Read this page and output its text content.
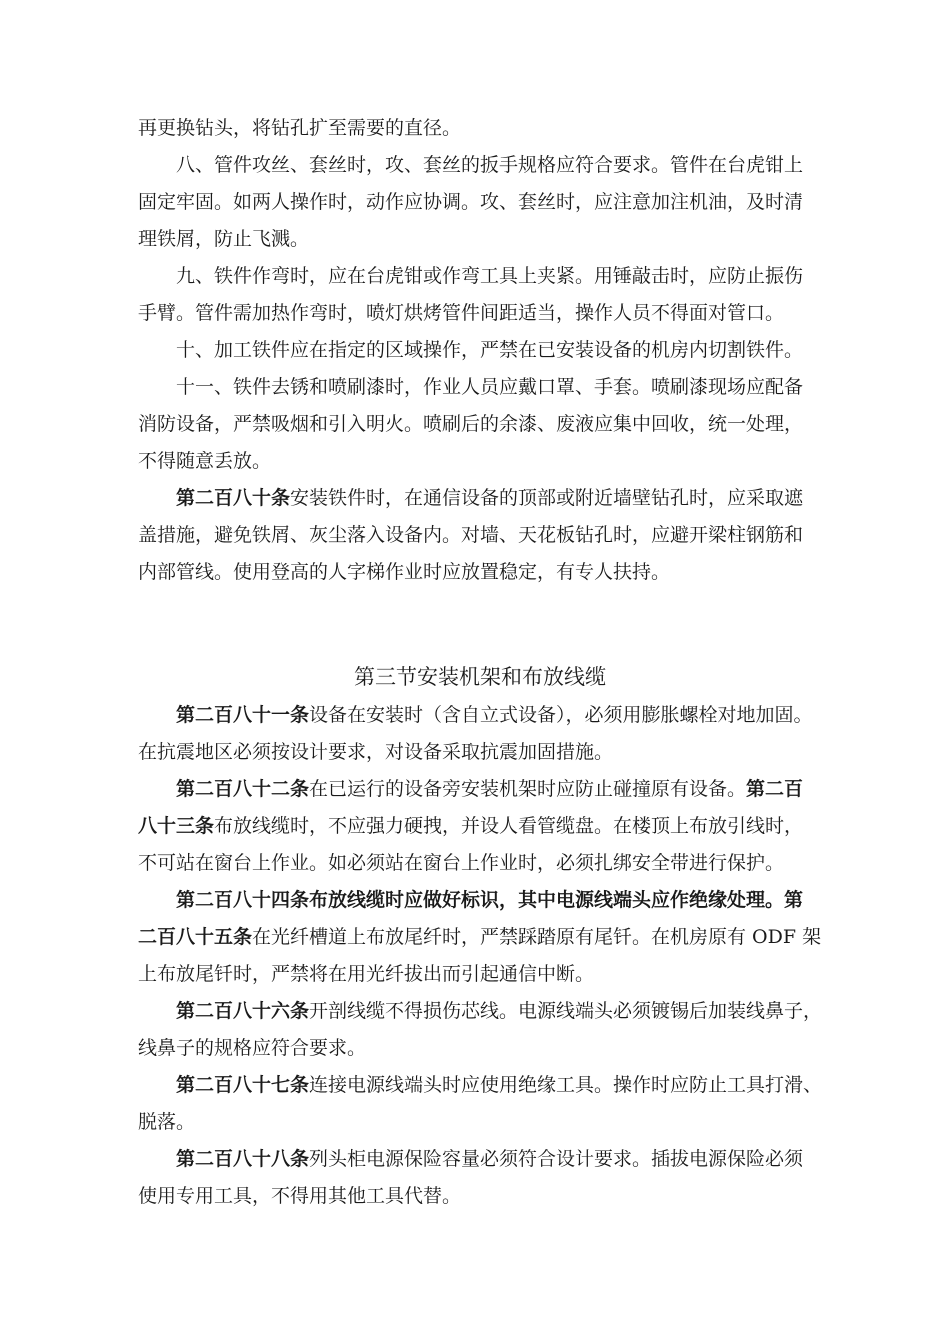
再更换钻头，将钻孔扩至需要的直径。
八、管件攻丝、套丝时，攻、套丝的扳手规格应符合要求。管件在台虎钳上
固定牢固。如两人操作时，动作应协调。攻、套丝时，应注意加注机油，及时清
理铁屑，防止飞溅。
九、铁件作弯时，应在台虎钳或作弯工具上夹紧。用锤敲击时，应防止振伤
手臂。管件需加热作弯时，喷灯烘烤管件间距适当，操作人员不得面对管口。
十、加工铁件应在指定的区域操作，严禁在已安装设备的机房内切割铁件。
十一、铁件去锈和喷刷漆时，作业人员应戴口罩、手套。喷刷漆现场应配备
消防设备，严禁吸烟和引入明火。喷刷后的余漆、废液应集中回收，统一处理，
不得随意丢放。
第二百八十条安装铁件时，在通信设备的顶部或附近墙壁钻孔时，应采取遮
盖措施，避免铁屑、灰尘落入设备内。对墙、天花板钻孔时，应避开梁柱钢筋和
内部管线。使用登高的人字梯作业时应放置稳定，有专人扶持。
第三节安装机架和布放线缆
第二百八十一条设备在安装时（含自立式设备），必须用膨胀螺栓对地加固。
在抗震地区必须按设计要求，对设备采取抗震加固措施。
第二百八十二条在已运行的设备旁安装机架时应防止碰撞原有设备。第二百
八十三条布放线缆时，不应强力硬拽，并设人看管缆盘。在楼顶上布放引线时，
不可站在窗台上作业。如必须站在窗台上作业时，必须扎绑安全带进行保护。
第二百八十四条布放线缆时应做好标识，其中电源线端头应作绝缘处理。第
二百八十五条在光纤槽道上布放尾纤时，严禁踩踏原有尾钎。在机房原有 ODF 架
上布放尾钎时，严禁将在用光纤拔出而引起通信中断。
第二百八十六条开剖线缆不得损伤芯线。电源线端头必须镀锡后加装线鼻子，
线鼻子的规格应符合要求。
第二百八十七条连接电源线端头时应使用绝缘工具。操作时应防止工具打滑、
脱落。
第二百八十八条列头柜电源保险容量必须符合设计要求。插拔电源保险必须
使用专用工具，不得用其他工具代替。
